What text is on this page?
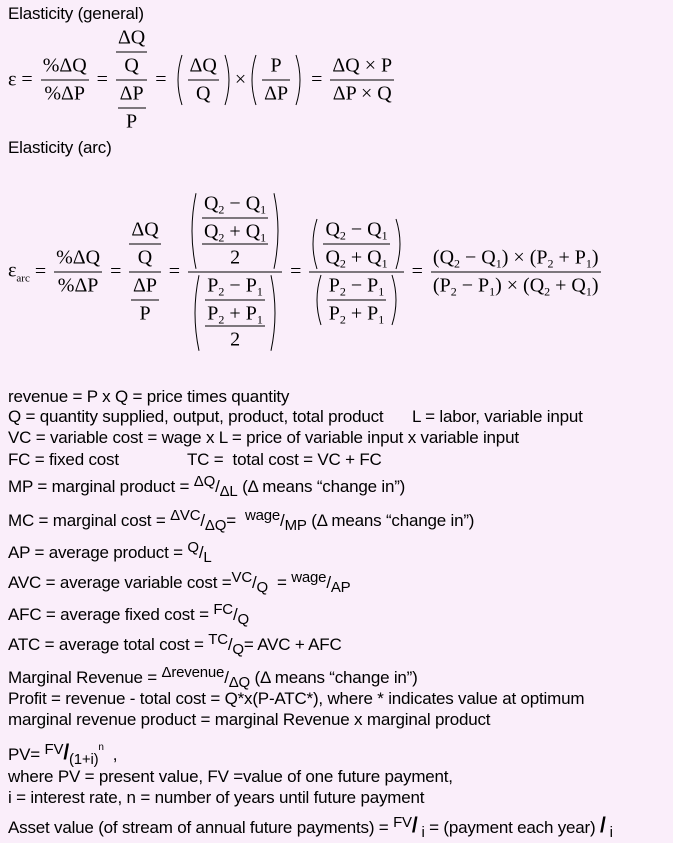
Elasticity (general)
$\varepsilon = \frac{\%\Delta Q}{\%\Delta P} = \frac{\frac{\Delta Q}{Q}}{\frac{\Delta P}{P}} = \frac{\Delta Q}{Q} \times \frac{P}{\Delta P} = \frac{\Delta Q \times P}{\Delta P \times Q}$
Elasticity (arc)
$\varepsilon_{arc} = \frac{\%\Delta Q}{\%\Delta P} = \frac{\frac{\Delta Q}{Q}}{\frac{\Delta P}{P}} = \frac{\frac{\frac{Q_2 - Q_1}{Q_2 + Q_1}}{2}}{\frac{\frac{P_2 - P_1}{P_2 + P_1}}{2}} = \frac{\frac{Q_2 - Q_1}{Q_2 + Q_1}}{\frac{P_2 - P_1}{P_2 + P_1}} = \frac{(Q_2 - Q_1) \times (P_2 + P_1)}{(P_2 - P_1) \times (Q_2 + Q_1)}$
revenue = P x Q = price times quantity
Q = quantity supplied, output, product, total product L = labor, variable input
VC = variable cost = wage x L = price of variable input x variable input
FC = fixed cost	TC =  total cost = VC + FC
MP = marginal product = ΔQ/ΔL (Δ means “change in”)
MC = marginal cost = ΔVC/ΔQ=  wage/MP (Δ means “change in”)
AP = average product = Q/L
AVC = average variable cost =VC/Q  = wage/AP
AFC = average fixed cost = FC/Q
ATC = average total cost = TC/Q= AVC + AFC
Marginal Revenue = Δrevenue/ΔQ (Δ means “change in”)
Profit = revenue - total cost = Q*x(P-ATC*), where * indicates value at optimum
marginal revenue product = marginal Revenue x marginal product
$PV= FV/(1+i)^n$  ,
where PV = present value, FV =value of one future payment,
i = interest rate, n = number of years until future payment
Asset value (of stream of annual future payments) = FV/ i = (payment each year) / i
